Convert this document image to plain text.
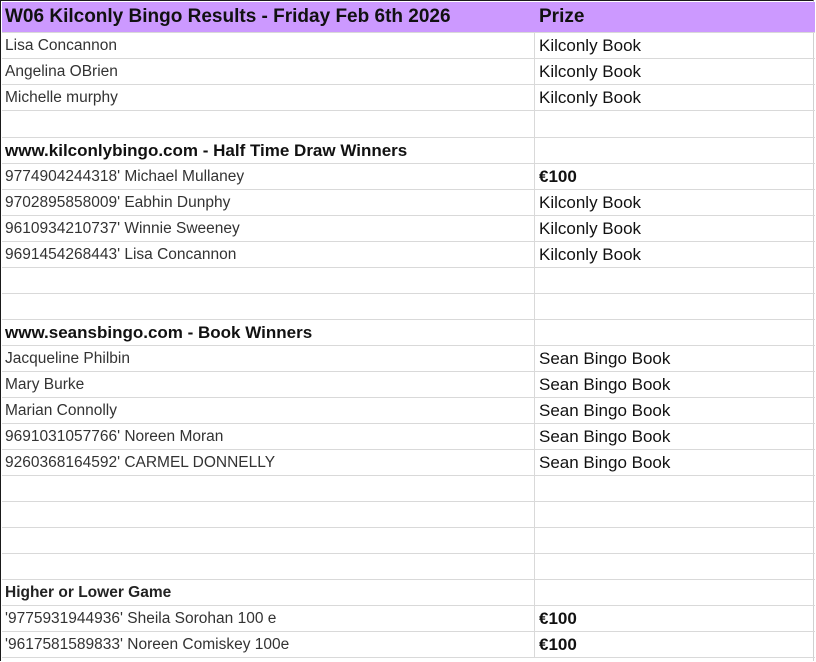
W06 Kilconly Bingo Results - Friday Feb 6th 2026	Prize
Lisa Concannon	Kilconly Book
Angelina OBrien	Kilconly Book
Michelle murphy	Kilconly Book
www.kilconlybingo.com - Half Time Draw Winners
9774904244318' Michael Mullaney	€100
9702895858009' Eabhin Dunphy	Kilconly Book
9610934210737' Winnie Sweeney	Kilconly Book
9691454268443' Lisa Concannon	Kilconly Book
www.seansbingo.com - Book Winners
Jacqueline Philbin	Sean Bingo Book
Mary Burke	Sean Bingo Book
Marian Connolly	Sean Bingo Book
9691031057766' Noreen Moran	Sean Bingo Book
9260368164592' CARMEL DONNELLY	Sean Bingo Book
Higher or Lower Game
'9775931944936' Sheila Sorohan 100 e	€100
'9617581589833' Noreen Comiskey 100e	€100
